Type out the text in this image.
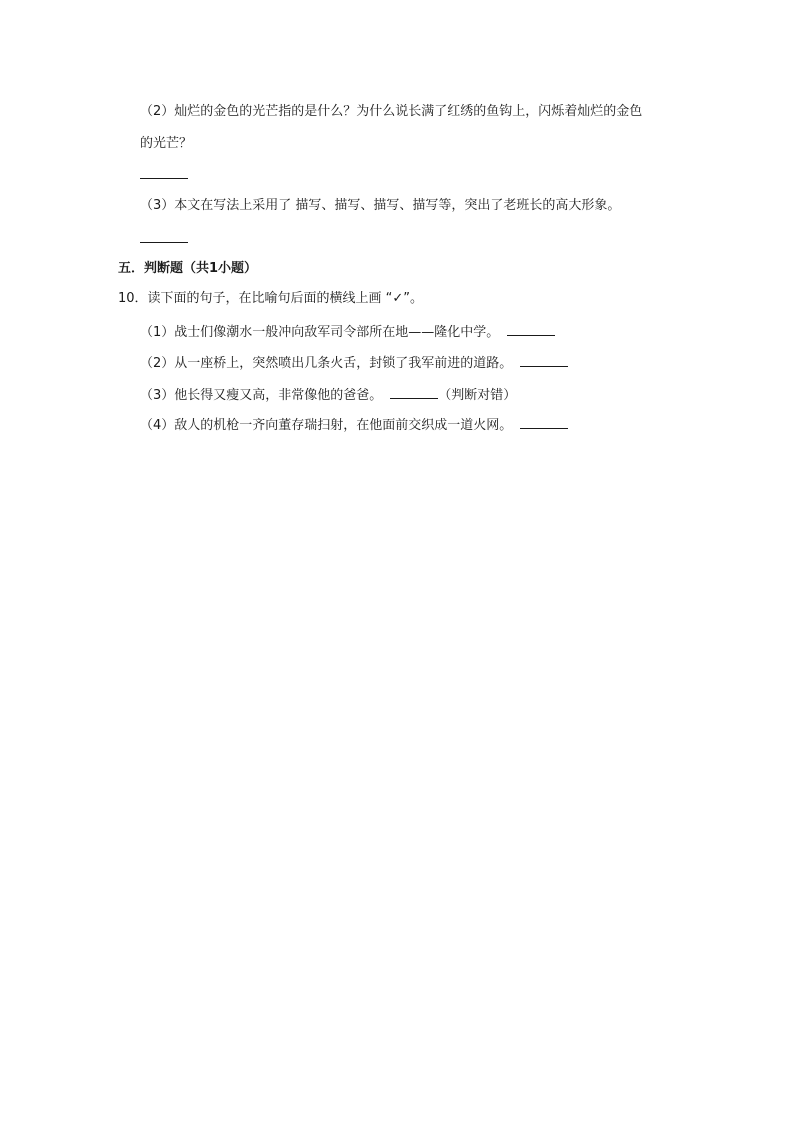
（2）灿烂的金色的光芒指的是什么？为什么说长满了红绣的鱼钩上，闪烁着灿烂的金色
的光芒？
（3）本文在写法上采用了 描写、描写、描写、描写等，突出了老班长的高大形象。
五．判断题（共1小题）
10．读下面的句子，在比喻句后面的横线上画 “✓”。
（1）战士们像潮水一般冲向敌军司令部所在地——隆化中学。
（2）从一座桥上，突然喷出几条火舌，封锁了我军前进的道路。
（3）他长得又瘦又高，非常像他的爸爸。	（判断对错）
（4）敌人的机枪一齐向董存瑞扫射，在他面前交织成一道火网。
